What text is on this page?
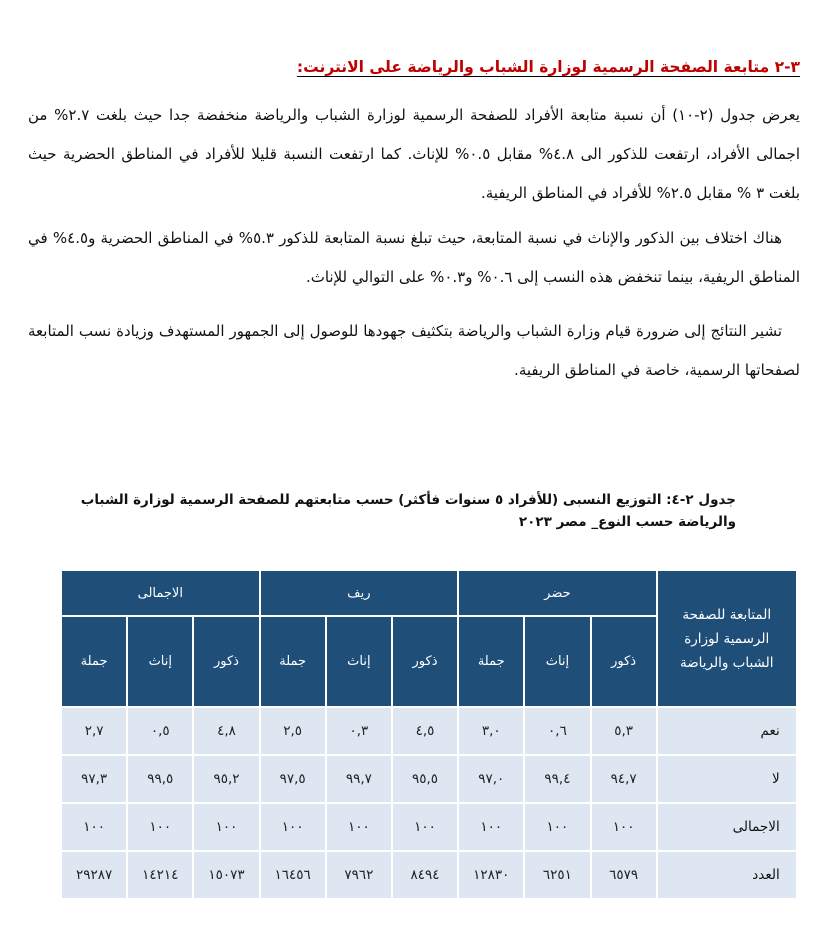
٣-٢ متابعة الصفحة الرسمية لوزارة الشباب والرياضة على الانترنت:

يعرض جدول (٢-١٠) أن نسبة متابعة الأفراد للصفحة الرسمية لوزارة الشباب والرياضة منخفضة جدا حيث بلغت ٢.٧% من اجمالى الأفراد، ارتفعت للذكور الى ٤.٨% مقابل ٠.٥% للإناث. كما ارتفعت النسبة قليلا للأفراد في المناطق الحضرية حيث بلغت ٣ % مقابل ٢.٥% للأفراد في المناطق الريفية.

هناك اختلاف بين الذكور والإناث في نسبة المتابعة، حيث تبلغ نسبة المتابعة للذكور ٥.٣% في المناطق الحضرية و٤.٥% في المناطق الريفية، بينما تنخفض هذه النسب إلى ٠.٦% و٠.٣% على التوالي للإناث.

تشير النتائج إلى ضرورة قيام وزارة الشباب والرياضة بتكثيف جهودها للوصول إلى الجمهور المستهدف وزيادة نسب المتابعة لصفحاتها الرسمية، خاصة في المناطق الريفية.

جدول ٢-٤: التوزيع النسبى (للأفراد ٥ سنوات فأكثر) حسب متابعتهم للصفحة الرسمية لوزارة الشباب والرياضة حسب النوع_ مصر ٢٠٢٣
المتابعة للصفحة الرسمية لوزارة الشباب والرياضة	حضر			ريف			الاجمالى		
	ذكور	إناث	جملة	ذكور	إناث	جملة	ذكور	إناث	جملة
نعم	٥,٣	٠,٦	٣,٠	٤,٥	٠,٣	٢,٥	٤,٨	٠,٥	٢,٧
لا	٩٤,٧	٩٩,٤	٩٧,٠	٩٥,٥	٩٩,٧	٩٧,٥	٩٥,٢	٩٩,٥	٩٧,٣
الاجمالى	١٠٠	١٠٠	١٠٠	١٠٠	١٠٠	١٠٠	١٠٠	١٠٠	١٠٠
العدد	٦٥٧٩	٦٢٥١	١٢٨٣٠	٨٤٩٤	٧٩٦٢	١٦٤٥٦	١٥٠٧٣	١٤٢١٤	٢٩٢٨٧
